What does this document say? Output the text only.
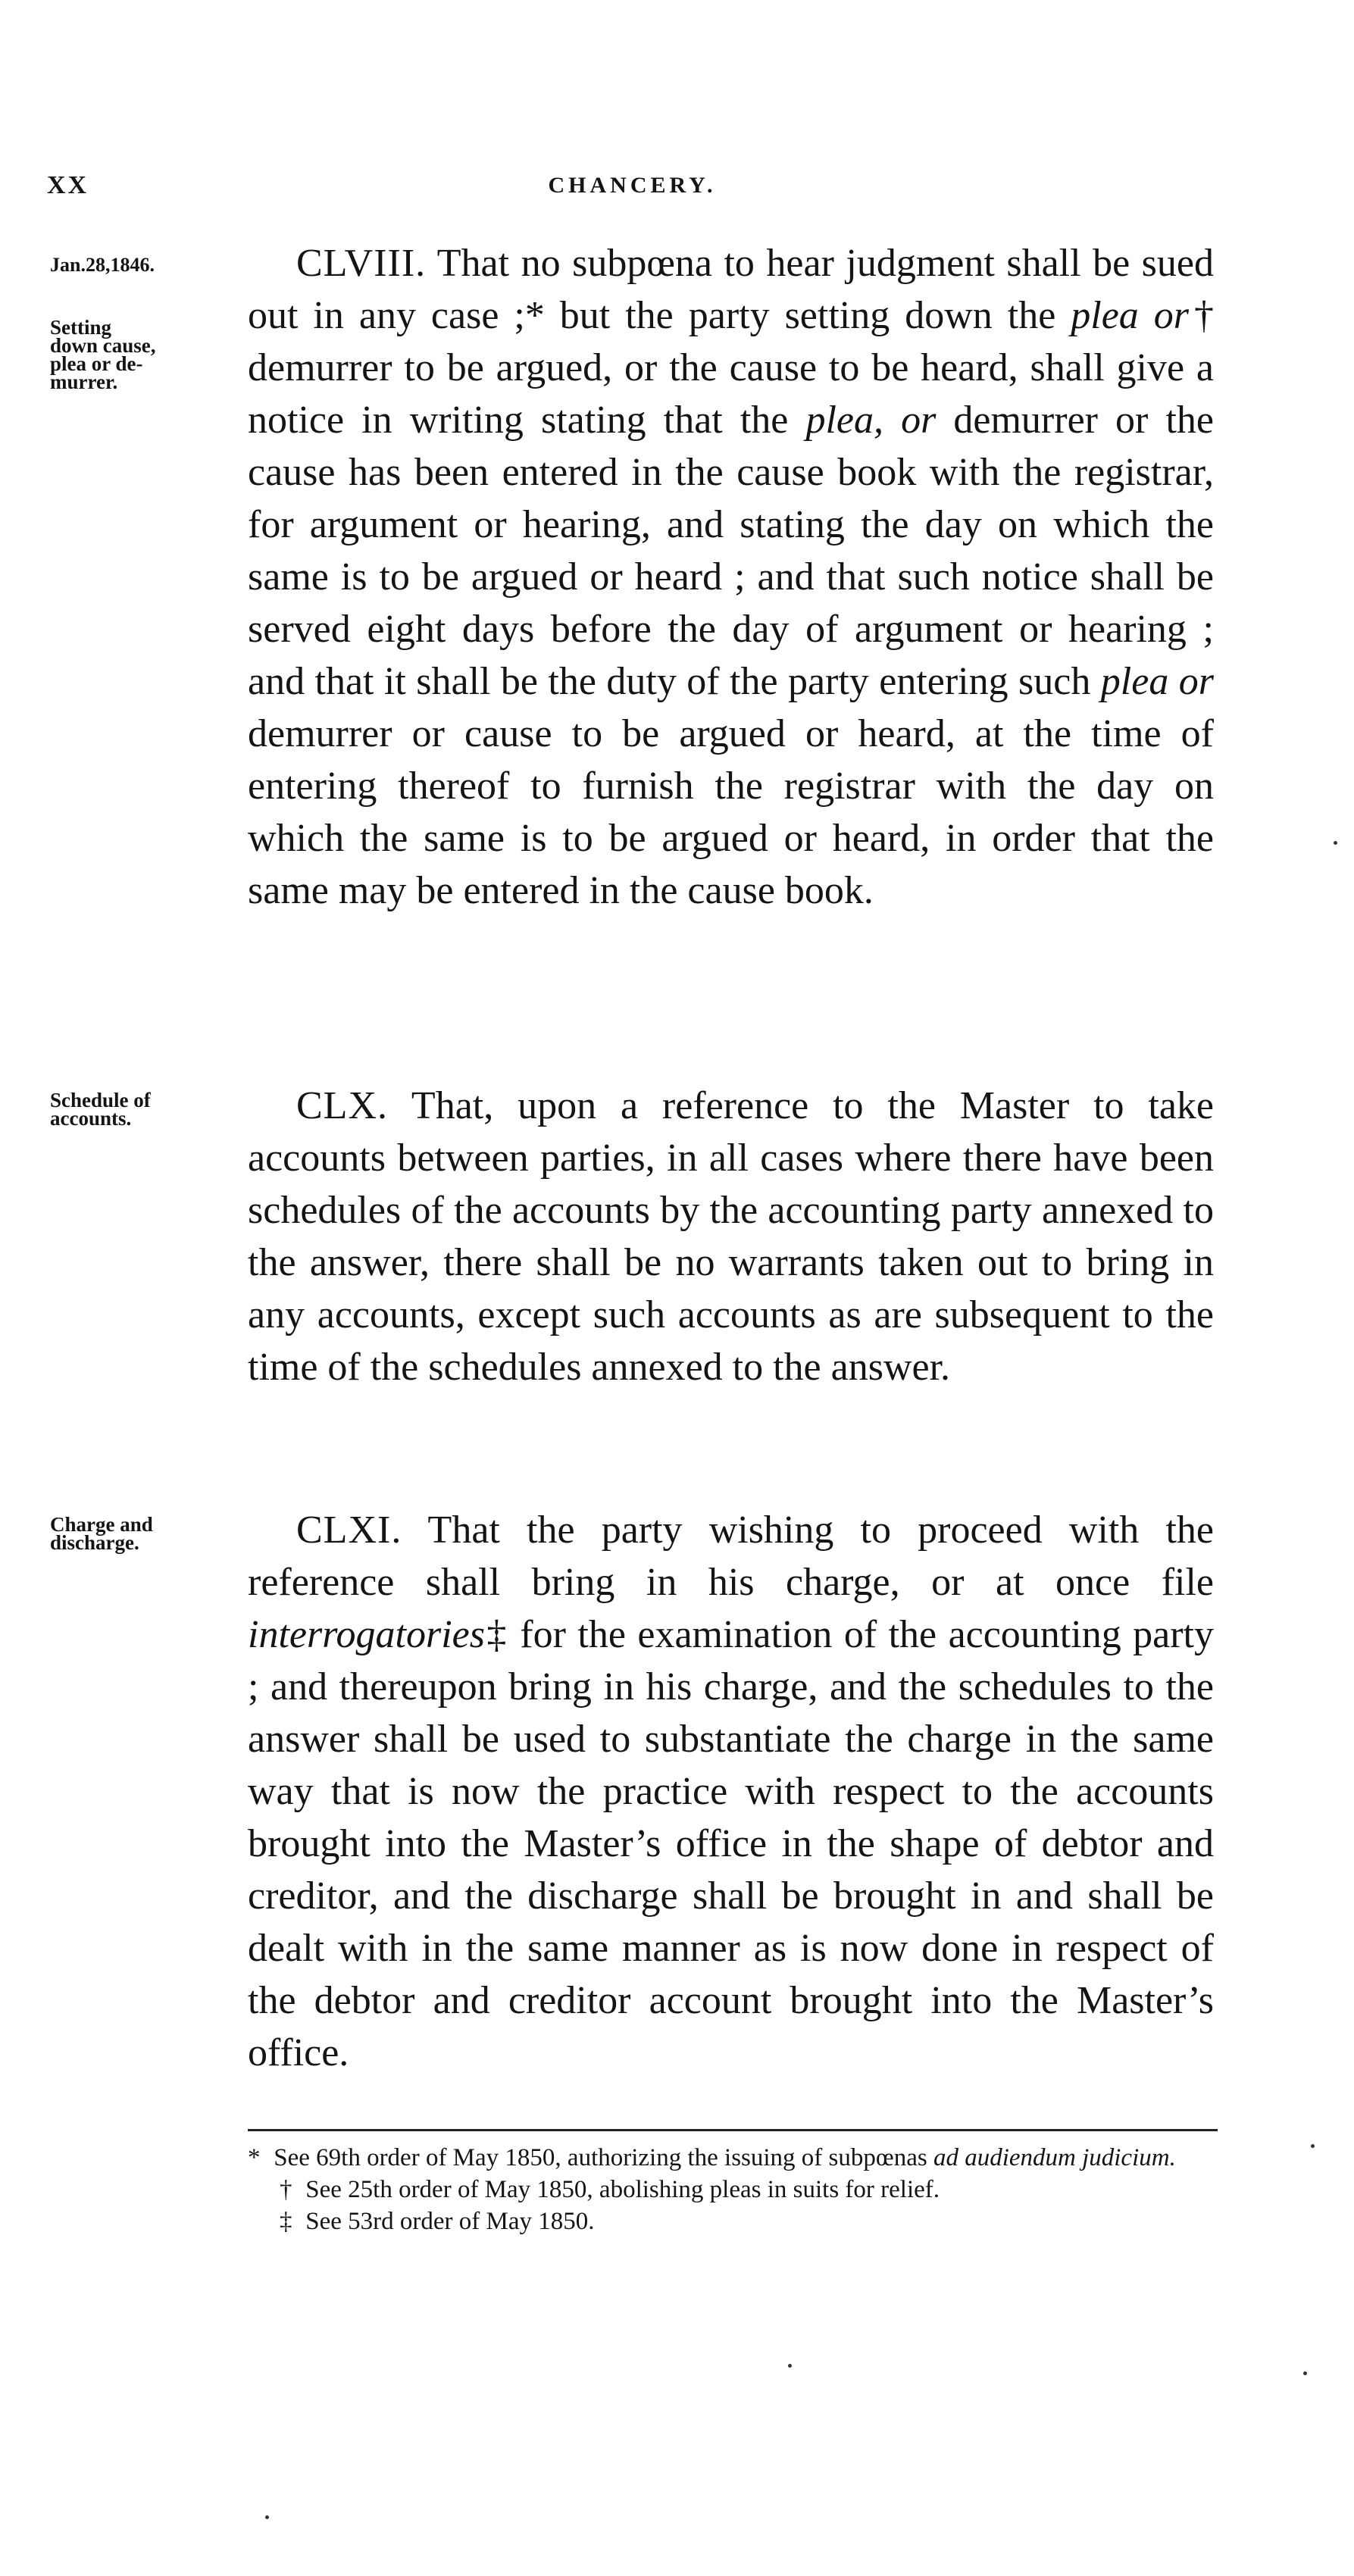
XX	CHANCERY.
Jan.28,1846.
Setting
down cause,
plea or de-
murrer.
CLVIII. That no subpœna to hear judgment shall be sued out in any case ;* but the party setting down the plea or† demurrer to be argued, or the cause to be heard, shall give a notice in writing stating that the plea, or demurrer or the cause has been entered in the cause book with the registrar, for argument or hearing, and stating the day on which the same is to be argued or heard ; and that such notice shall be served eight days before the day of argument or hearing ; and that it shall be the duty of the party entering such plea or demurrer or cause to be argued or heard, at the time of entering thereof to furnish the registrar with the day on which the same is to be argued or heard, in order that the same may be entered in the cause book.
Schedule of
accounts.	CLX. That, upon a reference to the Master to take accounts between parties, in all cases where there have been schedules of the accounts by the accounting party annexed to the answer, there shall be no warrants taken out to bring in any accounts, except such accounts as are subsequent to the time of the schedules annexed to the answer.
Charge and
discharge.	CLXI. That the party wishing to proceed with the reference shall bring in his charge, or at once file interrogatories‡ for the examination of the accounting party ; and thereupon bring in his charge, and the schedules to the answer shall be used to substantiate the charge in the same way that is now the practice with respect to the accounts brought into the Master’s office in the shape of debtor and creditor, and the discharge shall be brought in and shall be dealt with in the same manner as is now done in respect of the debtor and creditor account brought into the Master’s office.

* See 69th order of May 1850, authorizing the issuing of subpœnas ad audiendum judicium.

† See 25th order of May 1850, abolishing pleas in suits for relief.

‡ See 53rd order of May 1850.
